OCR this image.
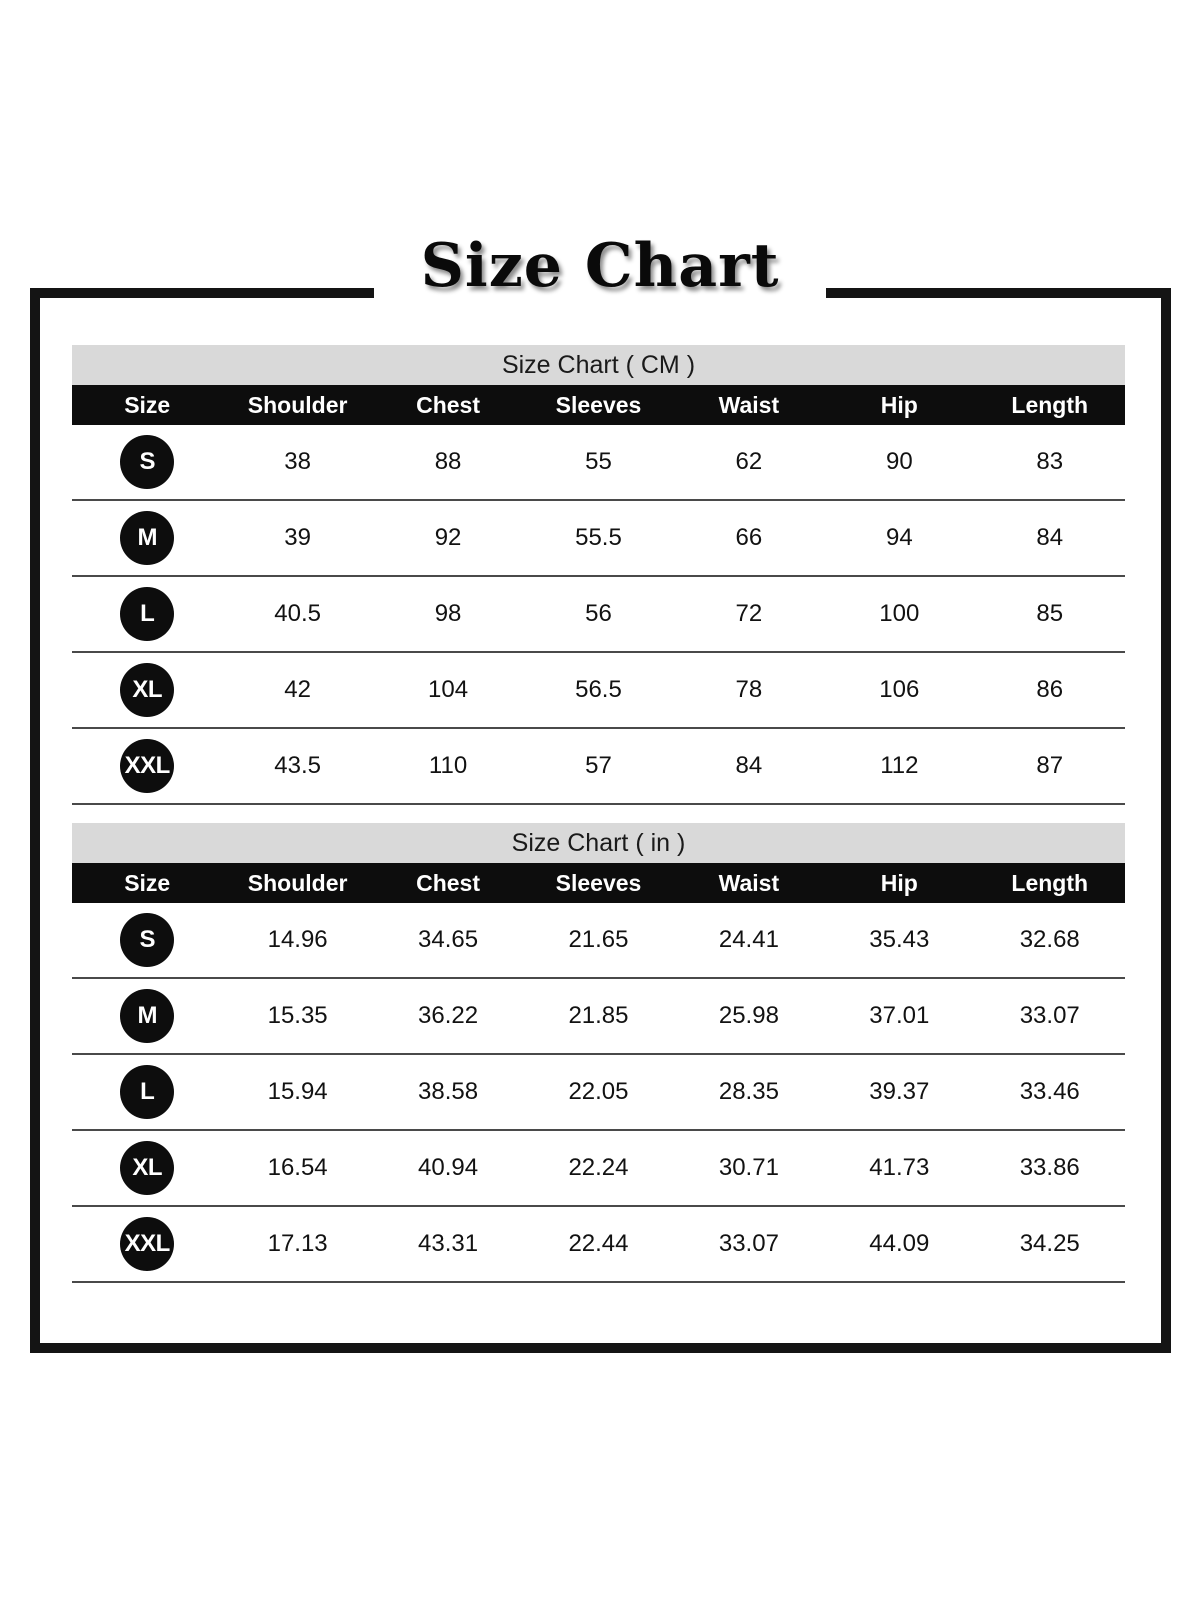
Size Chart
Size Chart ( CM )
Size	Shoulder	Chest	Sleeves	Waist	Hip	Length
S	38	88	55	62	90	83
M	39	92	55.5	66	94	84
L	40.5	98	56	72	100	85
XL	42	104	56.5	78	106	86
XXL	43.5	110	57	84	112	87
Size Chart ( in )
Size	Shoulder	Chest	Sleeves	Waist	Hip	Length
S	14.96	34.65	21.65	24.41	35.43	32.68
M	15.35	36.22	21.85	25.98	37.01	33.07
L	15.94	38.58	22.05	28.35	39.37	33.46
XL	16.54	40.94	22.24	30.71	41.73	33.86
XXL	17.13	43.31	22.44	33.07	44.09	34.25
